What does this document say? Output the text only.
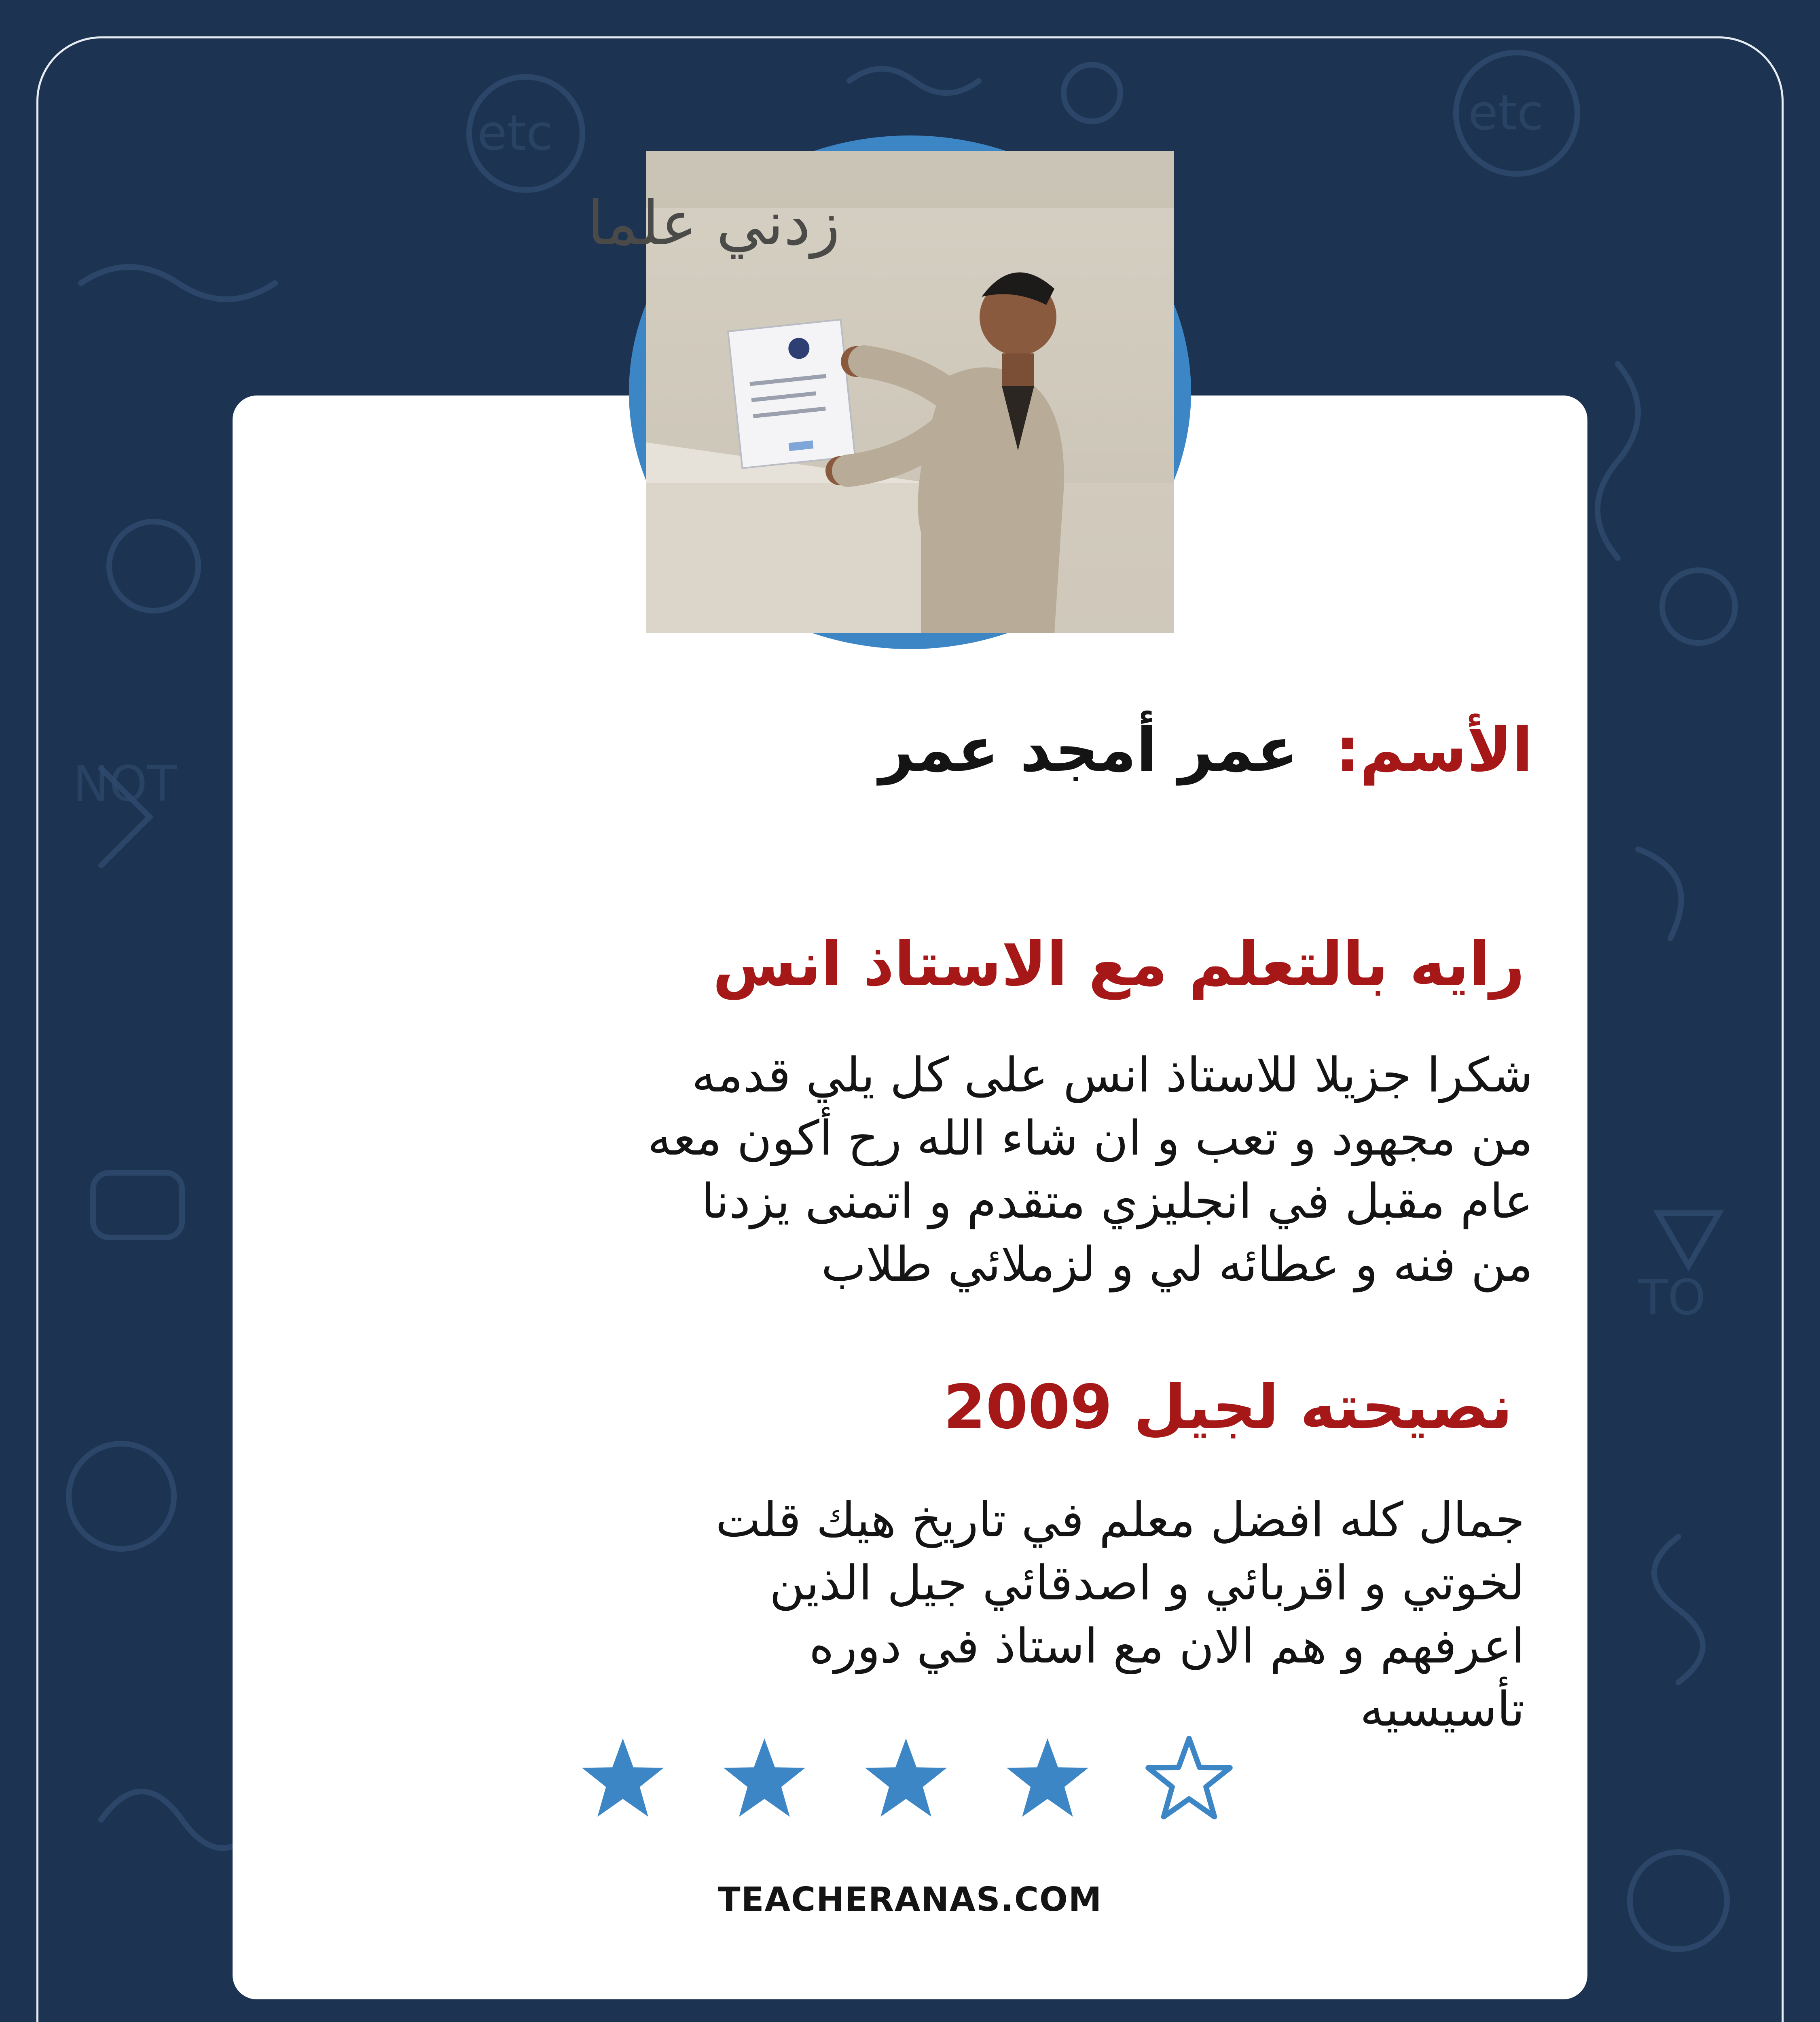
etc	etc
NOT
TO
زدني علما
الأسم: عمر أمجد عمر
رايه بالتعلم مع الاستاذ انس
شكرا جزيلا للاستاذ انس على كل يلي قدمه
من مجهود و تعب و ان شاء الله رح أكون معه
عام مقبل في انجليزي متقدم و اتمنى يزدنا
من فنه و عطائه لي و لزملائي طلاب
نصيحته لجيل 2009
جمال كله افضل معلم في تاريخ هيك قلت
لخوتي و اقربائي و اصدقائي جيل الذين
اعرفهم و هم الان مع استاذ في دوره
تأسيسيه
TEACHERANAS.COM
